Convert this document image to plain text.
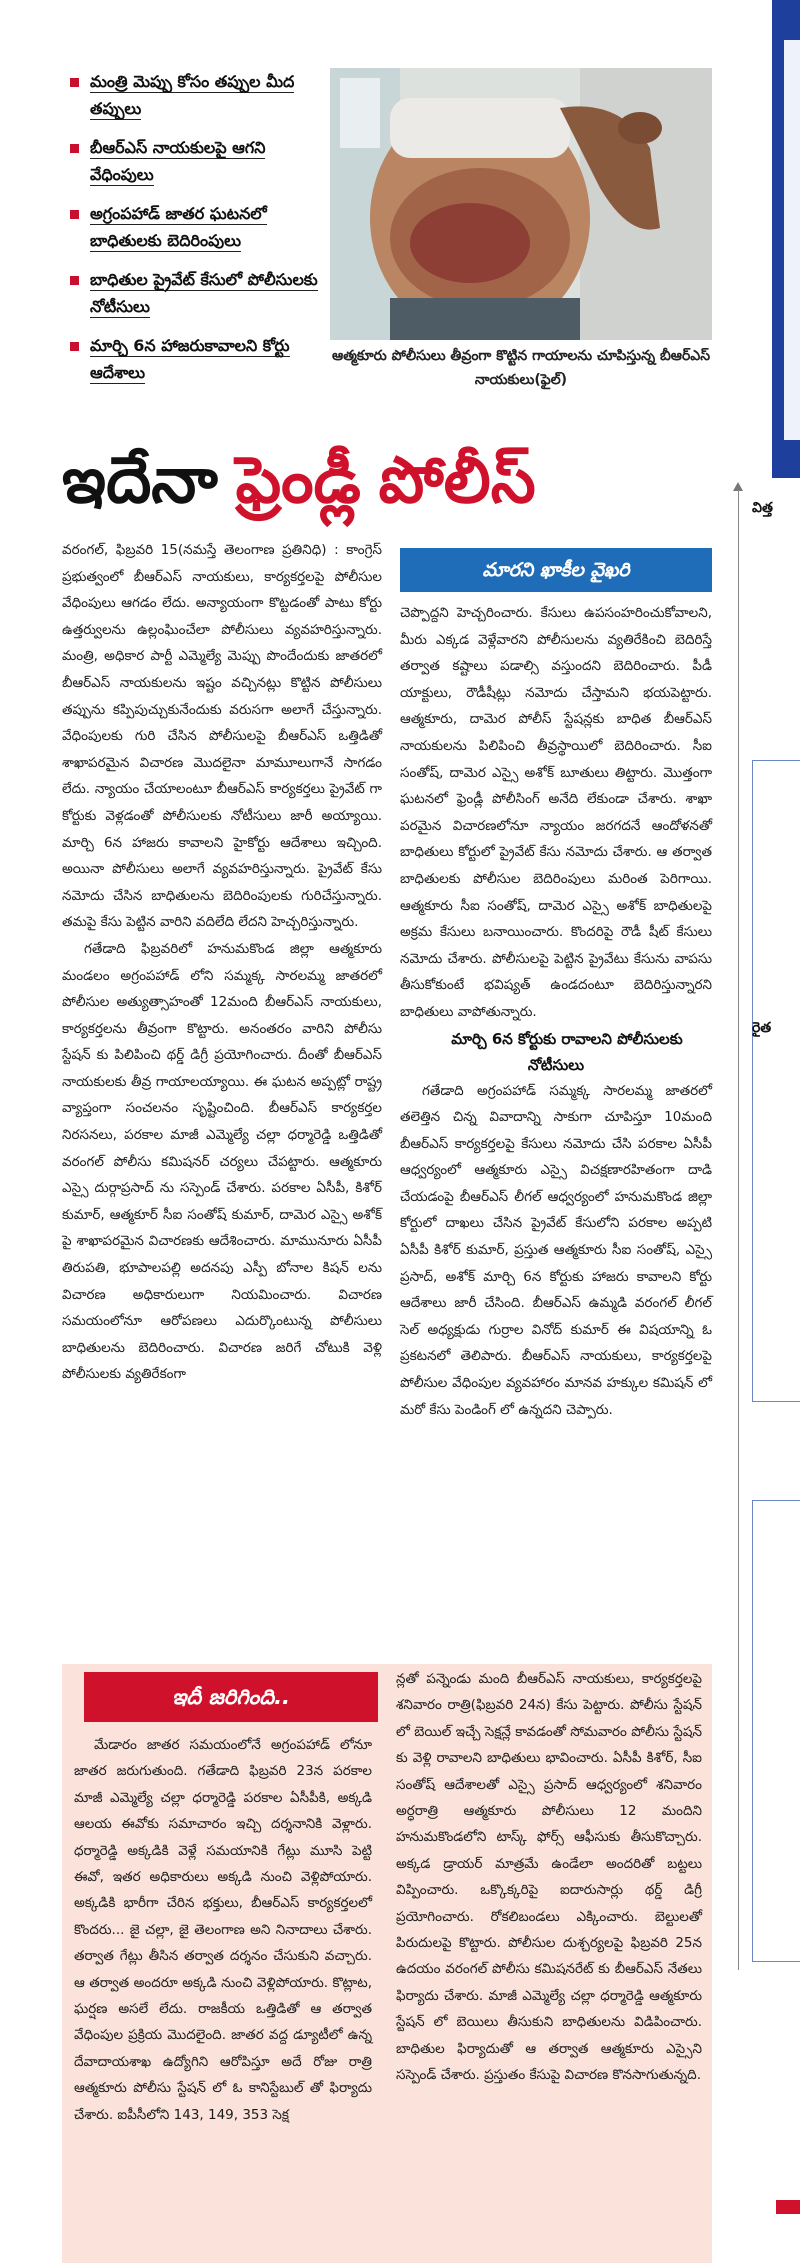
మంత్రి మెప్పు కోసం తప్పుల మీద తప్పులు
బీఆర్ఎస్ నాయకులపై ఆగని వేధింపులు
అగ్రంపహాడ్ జాతర ఘటనలో బాధితులకు బెదిరింపులు
బాధితుల ప్రైవేట్ కేసులో పోలీసులకు నోటీసులు
మార్చి 6న హాజరుకావాలని కోర్టు ఆదేశాలు
ఆత్మకూరు పోలీసులు తీవ్రంగా కొట్టిన గాయాలను చూపిస్తున్న బీఆర్ఎస్ నాయకులు(ఫైల్)
విత్త
రైత
ఇదేనా ఫ్రెండ్లీ పోలీస్

వరంగల్, ఫిబ్రవరి 15(నమస్తే తెలంగాణ ప్రతినిధి) : కాంగ్రెస్ ప్రభుత్వంలో బీఆర్ఎస్ నాయకులు, కార్యకర్తలపై పోలీసుల వేధింపులు ఆగడం లేదు. అన్యాయంగా కొట్టడంతో పాటు కోర్టు ఉత్తర్వులను ఉల్లంఘించేలా పోలీసులు వ్యవహరిస్తున్నారు. మంత్రి, అధికార పార్టీ ఎమ్మెల్యే మెప్పు పొందేందుకు జాతరలో బీఆర్ఎస్ నాయకులను ఇష్టం వచ్చినట్లు కొట్టిన పోలీసులు తప్పును కప్పిపుచ్చుకునేందుకు వరుసగా అలాగే చేస్తున్నారు. వేధింపులకు గురి చేసిన పోలీసులపై బీఆర్ఎస్ ఒత్తిడితో శాఖాపరమైన విచారణ మొదలైనా మామూలుగానే సాగడం లేదు. న్యాయం చేయాలంటూ బీఆర్ఎస్ కార్యకర్తలు ప్రైవేట్ గా కోర్టుకు వెళ్లడంతో పోలీసులకు నోటీసులు జారీ అయ్యాయి. మార్చి 6న హాజరు కావాలని హైకోర్టు ఆదేశాలు ఇచ్చింది. అయినా పోలీసులు అలాగే వ్యవహరిస్తున్నారు. ప్రైవేట్ కేసు నమోదు చేసిన బాధితులను బెదిరింపులకు గురిచేస్తున్నారు. తమపై కేసు పెట్టిన వారిని వదిలేది లేదని హెచ్చరిస్తున్నారు.

గతేడాది ఫిబ్రవరిలో హనుమకొండ జిల్లా ఆత్మకూరు మండలం అగ్రంపహాడ్ లోని సమ్మక్క సారలమ్మ జాతరలో పోలీసుల అత్యుత్సాహంతో 12మంది బీఆర్ఎస్ నాయకులు, కార్యకర్తలను తీవ్రంగా కొట్టారు. అనంతరం వారిని పోలీసు స్టేషన్ కు పిలిపించి థర్డ్ డిగ్రీ ప్రయోగించారు. దీంతో బీఆర్ఎస్ నాయకులకు తీవ్ర గాయాలయ్యాయి. ఈ ఘటన అప్పట్లో రాష్ట్ర వ్యాప్తంగా సంచలనం సృష్టించింది. బీఆర్ఎస్ కార్యకర్తల నిరసనలు, పరకాల మాజీ ఎమ్మెల్యే చల్లా ధర్మారెడ్డి ఒత్తిడితో వరంగల్ పోలీసు కమిషనర్ చర్యలు చేపట్టారు. ఆత్మకూరు ఎస్సై దుర్గాప్రసాద్ ను సస్పెండ్ చేశారు. పరకాల ఏసీపీ, కిశోర్ కుమార్, ఆత్మకూర్ సీఐ సంతోష్ కుమార్, దామెర ఎస్సై అశోక్ పై శాఖాపరమైన విచారణకు ఆదేశించారు. మామునూరు ఏసీపీ తిరుపతి, భూపాలపల్లి అదనపు ఎస్పీ బోనాల కిషన్ లను విచారణ అధికారులుగా నియమించారు. విచారణ సమయంలోనూ ఆరోపణలు ఎదుర్కొంటున్న పోలీసులు బాధితులను బెదిరించారు. విచారణ జరిగే చోటుకి వెళ్లి పోలీసులకు వ్యతిరేకంగా

మారని ఖాకీల వైఖరి

చెప్పొద్దని హెచ్చరించారు. కేసులు ఉపసంహరించుకోవాలని, మీరు ఎక్కడ వెళ్లేవారని పోలీసులను వ్యతిరేకించి బెదిరిస్తే తర్వాత కష్టాలు పడాల్సి వస్తుందని బెదిరించారు. పీడీ యాక్టులు, రౌడీషీట్లు నమోదు చేస్తామని భయపెట్టారు. ఆత్మకూరు, దామెర పోలీస్ స్టేషన్లకు బాధిత బీఆర్ఎస్ నాయకులను పిలిపించి తీవ్రస్థాయిలో బెదిరించారు. సీఐ సంతోష్, దామెర ఎస్సై అశోక్ బూతులు తిట్టారు. మొత్తంగా ఘటనలో ఫ్రెండ్లీ పోలీసింగ్ అనేది లేకుండా చేశారు. శాఖా పరమైన విచారణలోనూ న్యాయం జరగదనే ఆందోళనతో బాధితులు కోర్టులో ప్రైవేట్ కేసు నమోదు చేశారు. ఆ తర్వాత బాధితులకు పోలీసుల బెదిరింపులు మరింత పెరిగాయి. ఆత్మకూరు సీఐ సంతోష్, దామెర ఎస్సై అశోక్ బాధితులపై అక్రమ కేసులు బనాయించారు. కొందరిపై రౌడీ షీట్ కేసులు నమోదు చేశారు. పోలీసులపై పెట్టిన ప్రైవేటు కేసును వాపసు తీసుకోకుంటే భవిష్యత్ ఉండదంటూ బెదిరిస్తున్నారని బాధితులు వాపోతున్నారు.

మార్చి 6న కోర్టుకు రావాలని పోలీసులకు నోటీసులు

గతేడాది అగ్రంపహాడ్ సమ్మక్క సారలమ్మ జాతరలో తలెత్తిన చిన్న వివాదాన్ని సాకుగా చూపిస్తూ 10మంది బీఆర్ఎస్ కార్యకర్తలపై కేసులు నమోదు చేసి పరకాల ఏసీపీ ఆధ్వర్యంలో ఆత్మకూరు ఎస్సై విచక్షణారహితంగా దాడి చేయడంపై బీఆర్ఎస్ లీగల్ ఆధ్వర్యంలో హనుమకొండ జిల్లా కోర్టులో దాఖలు చేసిన ప్రైవేట్ కేసులోని పరకాల అప్పటి ఏసీపీ కిశోర్ కుమార్, ప్రస్తుత ఆత్మకూరు సీఐ సంతోష్, ఎస్సై ప్రసాద్, అశోక్ మార్చి 6న కోర్టుకు హాజరు కావాలని కోర్టు ఆదేశాలు జారీ చేసింది. బీఆర్ఎస్ ఉమ్మడి వరంగల్ లీగల్ సెల్ అధ్యక్షుడు గుర్రాల వినోద్ కుమార్ ఈ విషయాన్ని ఓ ప్రకటనలో తెలిపారు. బీఆర్ఎస్ నాయకులు, కార్యకర్తలపై పోలీసుల వేధింపుల వ్యవహారం మానవ హక్కుల కమిషన్ లో మరో కేసు పెండింగ్ లో ఉన్నదని చెప్పారు.

ఇదీ జరిగింది..

మేడారం జాతర సమయంలోనే అగ్రంపహాడ్ లోనూ జాతర జరుగుతుంది. గతేడాది ఫిబ్రవరి 23న పరకాల మాజీ ఎమ్మెల్యే చల్లా ధర్మారెడ్డి పరకాల ఏసీపీకి, అక్కడి ఆలయ ఈవోకు సమాచారం ఇచ్చి దర్శనానికి వెళ్లారు. ధర్మారెడ్డి అక్కడికి వెళ్లే సమయానికి గేట్లు మూసి పెట్టి ఈవో, ఇతర అధికారులు అక్కడి నుంచి వెళ్లిపోయారు. అక్కడికి భారీగా చేరిన భక్తులు, బీఆర్ఎస్ కార్యకర్తలలో కొందరు... జై చల్లా, జై తెలంగాణ అని నినాదాలు చేశారు. తర్వాత గేట్లు తీసిన తర్వాత దర్శనం చేసుకుని వచ్చారు. ఆ తర్వాత అందరూ అక్కడి నుంచి వెళ్లిపోయారు. కొట్లాట, ఘర్షణ అసలే లేదు. రాజకీయ ఒత్తిడితో ఆ తర్వాత వేధింపుల ప్రక్రియ మొదలైంది. జాతర వద్ద డ్యూటీలో ఉన్న దేవాదాయశాఖ ఉద్యోగిని ఆరోపిస్తూ అదే రోజు రాత్రి ఆత్మకూరు పోలీసు స్టేషన్ లో ఓ కానిస్టేబుల్ తో ఫిర్యాదు చేశారు. ఐపీసీలోని 143, 149, 353 సెక్ష

న్లతో పన్నెండు మంది బీఆర్ఎస్ నాయకులు, కార్యకర్తలపై శనివారం రాత్రి(ఫిబ్రవరి 24న) కేసు పెట్టారు. పోలీసు స్టేషన్ లో బెయిల్ ఇచ్చే సెక్షన్లే కావడంతో సోమవారం పోలీసు స్టేషన్ కు వెళ్లి రావాలని బాధితులు భావించారు. ఏసీపీ కిశోర్, సీఐ సంతోష్ ఆదేశాలతో ఎస్సై ప్రసాద్ ఆధ్వర్యంలో శనివారం అర్ధరాత్రి ఆత్మకూరు పోలీసులు 12 మందిని హనుమకొండలోని టాస్క్ ఫోర్స్ ఆఫీసుకు తీసుకొచ్చారు. అక్కడ డ్రాయర్ మాత్రమే ఉండేలా అందరితో బట్టలు విప్పించారు. ఒక్కొక్కరిపై ఐదారుసార్లు థర్డ్ డిగ్రీ ప్రయోగించారు. రోకలిబండలు ఎక్కించారు. బెల్టులతో పిరుదులపై కొట్టారు. పోలీసుల దుశ్చర్యలపై ఫిబ్రవరి 25న ఉదయం వరంగల్ పోలీసు కమిషనరేట్ కు బీఆర్ఎస్ నేతలు ఫిర్యాదు చేశారు. మాజీ ఎమ్మెల్యే చల్లా ధర్మారెడ్డి ఆత్మకూరు స్టేషన్ లో బెయిలు తీసుకుని బాధితులను విడిపించారు. బాధితుల ఫిర్యాదుతో ఆ తర్వాత ఆత్మకూరు ఎస్సైని సస్పెండ్ చేశారు. ప్రస్తుతం కేసుపై విచారణ కొనసాగుతున్నది.
